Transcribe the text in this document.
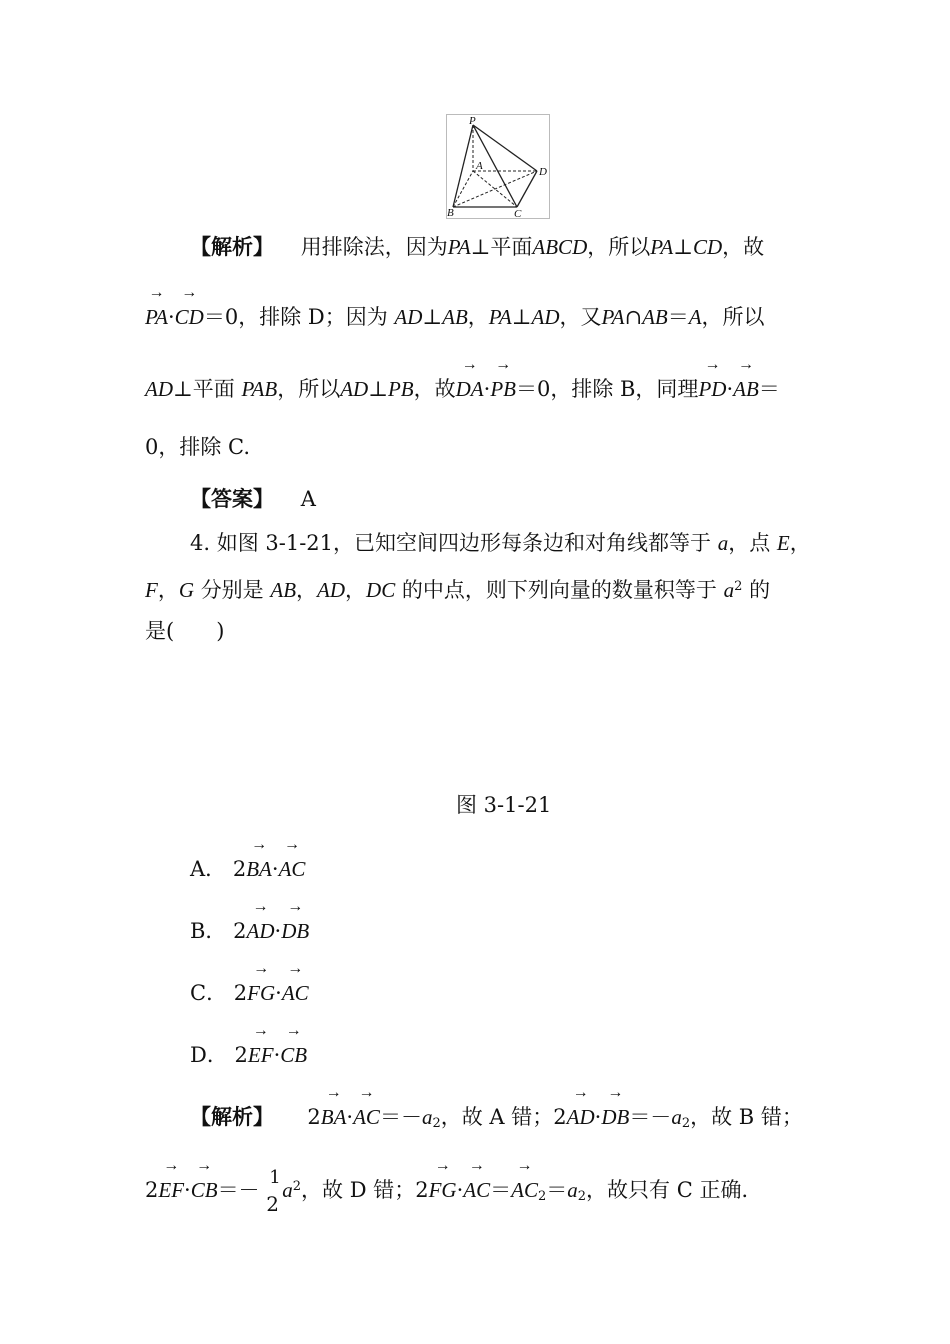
P
A
B	C
D
【解析】 用排除法，因为PA⊥平面ABCD，所以PA⊥CD，故
→ PA·→ CD＝0，排除 D；因为 AD⊥AB，PA⊥AD，又PA∩AB＝A，所以
AD⊥平面 PAB，所以AD⊥PB，故→ DA·→ PB＝0，排除 B，同理→ PD·→ AB＝
0，排除 C.
【答案】 A
4. 如图 3-1-21，已知空间四边形每条边和对角线都等于 a，点 E，
F，G 分别是 AB，AD，DC 的中点，则下列向量的数量积等于 $a^2$ 的
是(　　)
图 3-1-21
A． 2→ BA·→ AC
B． 2→ AD·→ DB
C． 2→ FG·→ AC
D． 2→ EF·→ CB
【解析】 $2\to BA\cdot\to AC=-a_2$，故 A 错；$2\to AD\cdot\to DB=-a_2$，故 B 错；
2→ EF·→ CB＝－
1
2
$a^2$，故 D 错；$2\to FG\cdot\to AC=\to AC_2=a_2$，故只有 C 正确．
